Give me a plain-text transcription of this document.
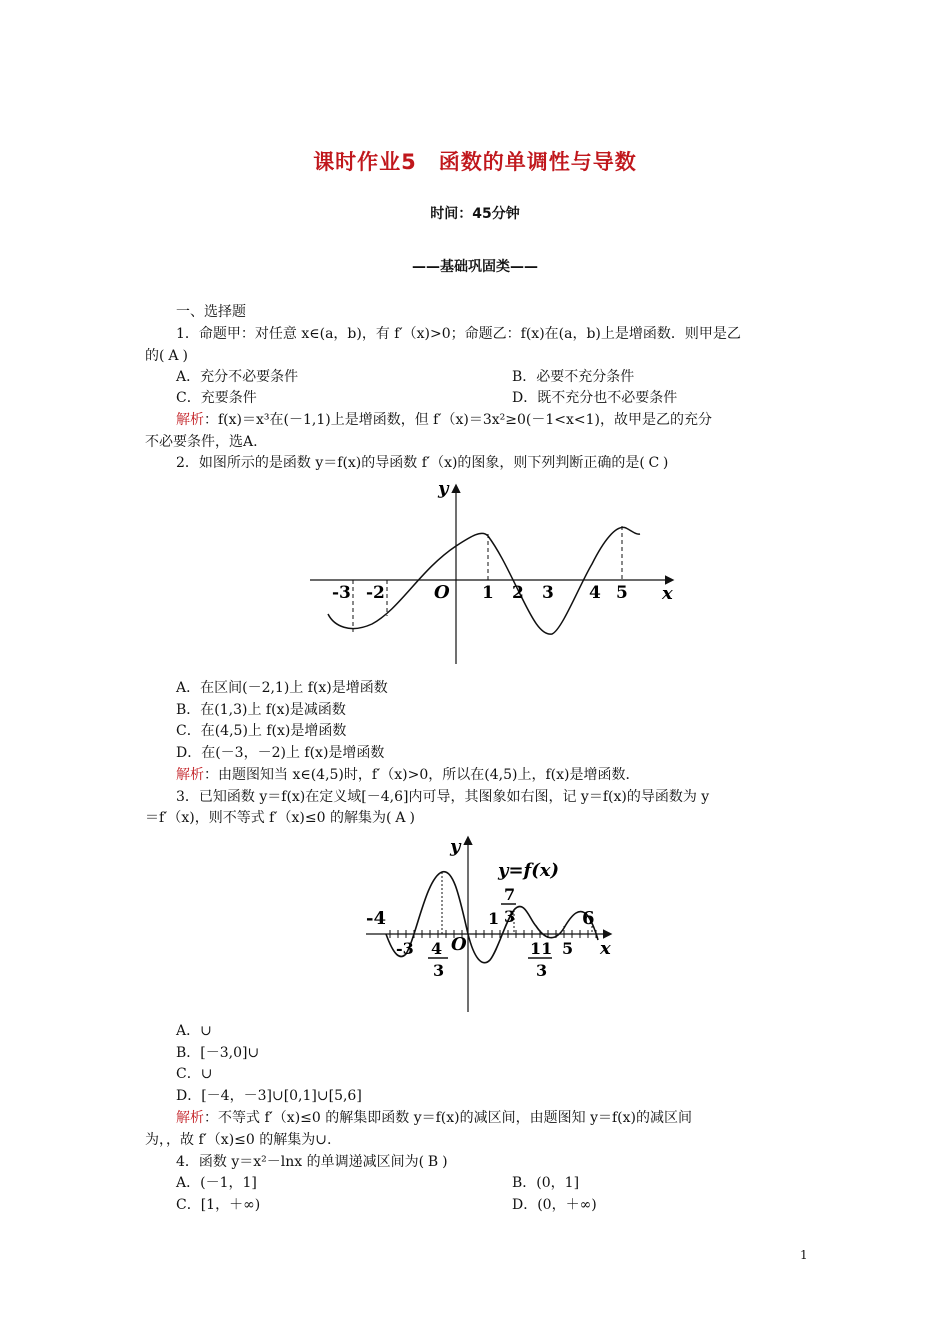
课时作业5　函数的单调性与导数
时间：45分钟
——基础巩固类——
一、选择题
1．命题甲：对任意 x∈(a，b)，有 f′（x)>0；命题乙：f(x)在(a，b)上是增函数．则甲是乙
的( A )
A．充分不必要条件	B．必要不充分条件
C．充要条件	D．既不充分也不必要条件
解析：f(x)＝x³在(－1,1)上是增函数，但 f′（x)＝3x²≥0(－1<x<1)，故甲是乙的充分
不必要条件，选A.
2．如图所示的是函数 y＝f(x)的导函数 f′（x)的图象，则下列判断正确的是( C )
y
x
O
-3 -2	1 2 3 4 5
A．在区间(－2,1)上 f(x)是增函数
B．在(1,3)上 f(x)是减函数
C．在(4,5)上 f(x)是增函数
D．在(－3，－2)上 f(x)是增函数
解析：由题图知当 x∈(4,5)时，f′（x)>0，所以在(4,5)上，f(x)是增函数．
3．已知函数 y＝f(x)在定义域[－4,6]内可导，其图象如右图，记 y＝f(x)的导函数为 y
＝f′（x)，则不等式 f′（x)≤0 的解集为( A )
y
x
O
y=f(x)
-4	6
-3 4
3
1
7
3
11
3
5
A．∪
B．[－3,0]∪
C．∪
D．[－4，－3]∪[0,1]∪[5,6]
解析：不等式 f′（x)≤0 的解集即函数 y＝f(x)的减区间，由题图知 y＝f(x)的减区间
为，，故 f′（x)≤0 的解集为∪.
4．函数 y＝x²－lnx 的单调递减区间为( B )
A．(－1，1]	B．(0，1]
C．[1，＋∞)	D．(0，＋∞)
1
